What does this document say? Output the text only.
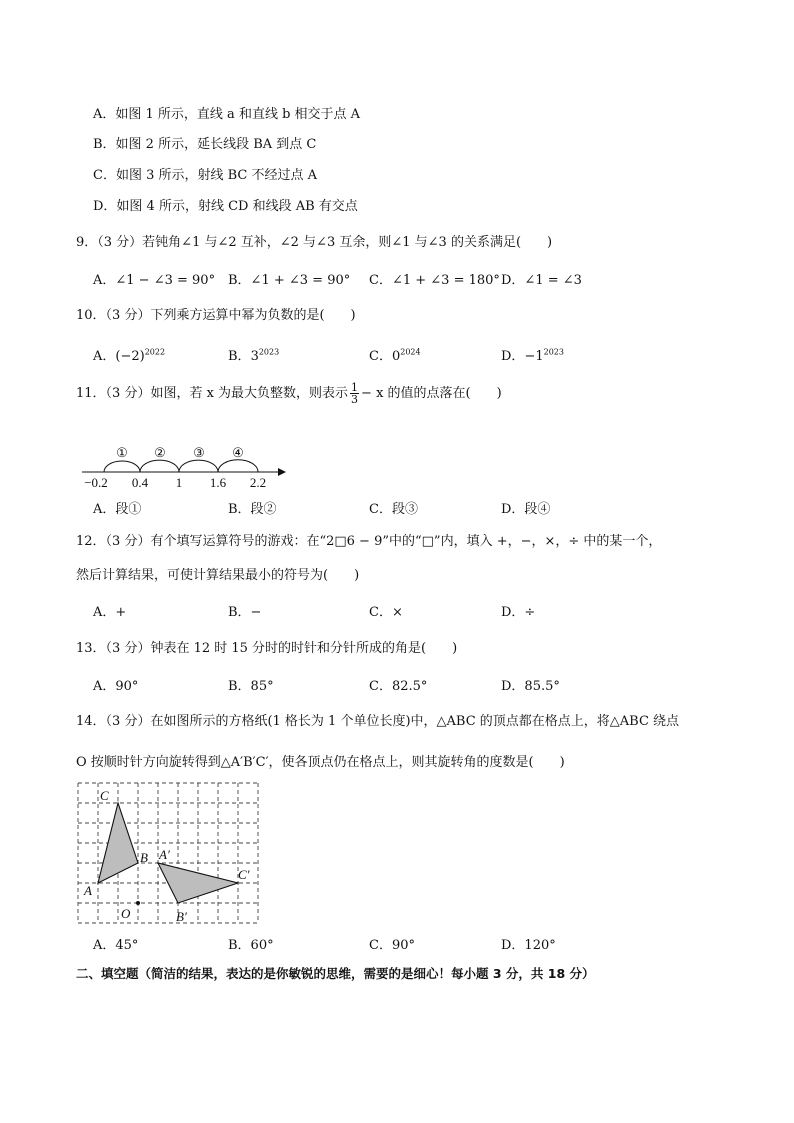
A．如图 1 所示，直线 a 和直线 b 相交于点 A
B．如图 2 所示，延长线段 BA 到点 C
C．如图 3 所示，射线 BC 不经过点 A
D．如图 4 所示，射线 CD 和线段 AB 有交点
9．（3 分）若钝角∠1 与∠2 互补，∠2 与∠3 互余，则∠1 与∠3 的关系满足(　　)
A．∠1 − ∠3 = 90° B．∠1 + ∠3 = 90° C．∠1 + ∠3 = 180° D．∠1 = ∠3
10．（3 分）下列乘方运算中幂为负数的是(　　)
A．$(-2)^{2022}$	B．$3^{2023}$	C．$0^{2024}$	D．$-1^{2023}$
11．（3 分）如图，若 x 为最大负整数，则表示 $\frac{1}{3} - x$ 的值的点落在(　　)
① ② ③ ④
−0.2 0.4 1 1.6 2.2
A．段①	B．段②	C．段③	D．段④
12．（3 分）有个填写运算符号的游戏：在“2□6 − 9”中的“□”内，填入 +，−，×，÷ 中的某一个，
然后计算结果，可使计算结果最小的符号为(　　)
A．+	B．−	C．×	D．÷
13．（3 分）钟表在 12 时 15 分时的时针和分针所成的角是(　　)
A．90°	B．85°	C．82.5°	D．85.5°
14．（3 分）在如图所示的方格纸(1 格长为 1 个单位长度)中，△ABC 的顶点都在格点上，将△ABC 绕点
O 按顺时针方向旋转得到△A′B′C′，使各顶点仍在格点上，则其旋转角的度数是(　　)
C
B
A
A′
C′
B′
O
A．45°	B．60°	C．90°	D．120°
二、填空题（简洁的结果，表达的是你敏锐的思维，需要的是细心！每小题 3 分，共 18 分）
